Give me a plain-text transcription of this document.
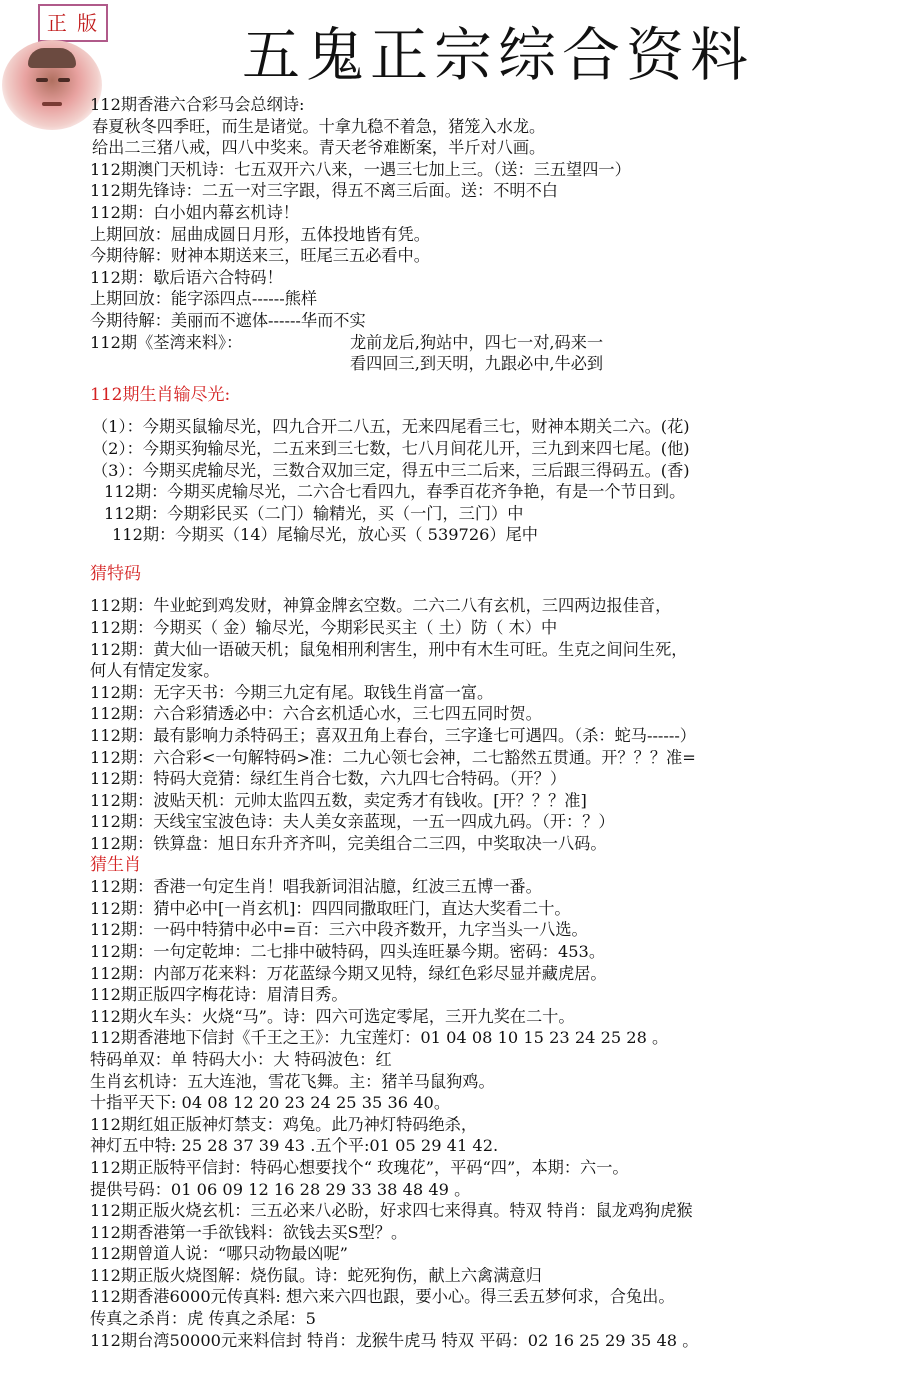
正 版 五鬼正宗综合资料
112期香港六合彩马会总纲诗:
春夏秋冬四季旺，而生是诸觉。十拿九稳不着急，猪笼入水龙。
给出二三猪八戒，四八中奖来。青天老爷难断案，半斤对八画。
112期澳门天机诗：七五双开六八来，一遇三七加上三。（送：三五望四一）
112期先锋诗：二五一对三字跟，得五不离三后面。送：不明不白
112期：白小姐内幕玄机诗！
上期回放：屈曲成圆日月形，五体投地皆有凭。
今期待解：财神本期送来三，旺尾三五必看中。
112期：歇后语六合特码！
上期回放：能字添四点------熊样
今期待解：美丽而不遮体------华而不实
112期《荃湾来料》：	龙前龙后,狗站中，四七一对,码来一
看四回三,到天明，九跟必中,牛必到
112期生肖输尽光:
（1）：今期买鼠输尽光，四九合开二八五，无来四尾看三七，财神本期关二六。(花)
（2）：今期买狗输尽光，二五来到三七数，七八月间花儿开，三九到来四七尾。(他)
（3）：今期买虎输尽光，三数合双加三定，得五中三二后来，三后跟三得码五。(香)
112期：今期买虎输尽光，二六合七看四九，春季百花齐争艳，有是一个节日到。
112期：今期彩民买（二门）输精光，买（一门，三门）中
112期：今期买（14）尾输尽光，放心买（ 539726）尾中
猜特码
112期：牛业蛇到鸡发财，神算金牌玄空数。二六二八有玄机，三四两边报佳音，
112期：今期买（ 金）输尽光，今期彩民买主（ 土）防（ 木）中
112期：黄大仙一语破天机；鼠兔相刑利害生，刑中有木生可旺。生克之间问生死，
何人有情定发家。
112期：无字天书：今期三九定有尾。取钱生肖富一富。
112期：六合彩猜透必中：六合玄机适心水，三七四五同时贺。
112期：最有影响力杀特码王；喜双丑角上春台，三字逢七可遇四。（杀：蛇马------）
112期：六合彩<一句解特码>准：二九心领七会神，二七豁然五贯通。开？？？准=
112期：特码大竞猜：绿红生肖合七数，六九四七合特码。（开？）
112期：波贴天机：元帅太监四五数，卖定秀才有钱收。[开？？？准]
112期：天线宝宝波色诗：夫人美女亲蓝现，一五一四成九码。（开：？）
112期：铁算盘：旭日东升齐齐叫，完美组合二三四，中奖取决一八码。
猜生肖
112期：香港一句定生肖！唱我新词泪沾臆，红波三五博一番。
112期：猜中必中[一肖玄机]：四四同撒取旺门，直达大奖看二十。
112期：一码中特猜中必中=百：三六中段齐数开，九字当头一八选。
112期：一句定乾坤：二七排中破特码，四头连旺暴今期。密码：453。
112期：内部万花来料：万花蓝绿今期又见特，绿红色彩尽显并藏虎居。
112期正版四字梅花诗：眉清目秀。
112期火车头：火烧“马”。诗：四六可选定零尾，三开九奖在二十。
112期香港地下信封《千王之王》：九宝莲灯：01 04 08 10 15 23 24 25 28 。
特码单双：单 特码大小：大 特码波色：红
生肖玄机诗：五大连池，雪花飞舞。主：猪羊马鼠狗鸡。
十指平天下: 04 08 12 20 23 24 25 35 36 40。
112期红姐正版神灯禁支：鸡兔。此乃神灯特码绝杀，
神灯五中特: 25 28 37 39 43 .五个平:01 05 29 41 42.
112期正版特平信封：特码心想要找个“ 玫瑰花”，平码“四”，本期：六一。
提供号码：01 06 09 12 16 28 29 33 38 48 49 。
112期正版火烧玄机：三五必来八必盼，好求四七来得真。特双 特肖：鼠龙鸡狗虎猴
112期香港第一手欲钱料：欲钱去买S型？。
112期曾道人说：“哪只动物最凶呢”
112期正版火烧图解：烧伤鼠。诗：蛇死狗伤，献上六禽满意归
112期香港6000元传真料: 想六来六四也跟，要小心。得三丢五梦何求，合兔出。
传真之杀肖：虎 传真之杀尾：5
112期台湾50000元来料信封 特肖：龙猴牛虎马 特双 平码：02 16 25 29 35 48 。
